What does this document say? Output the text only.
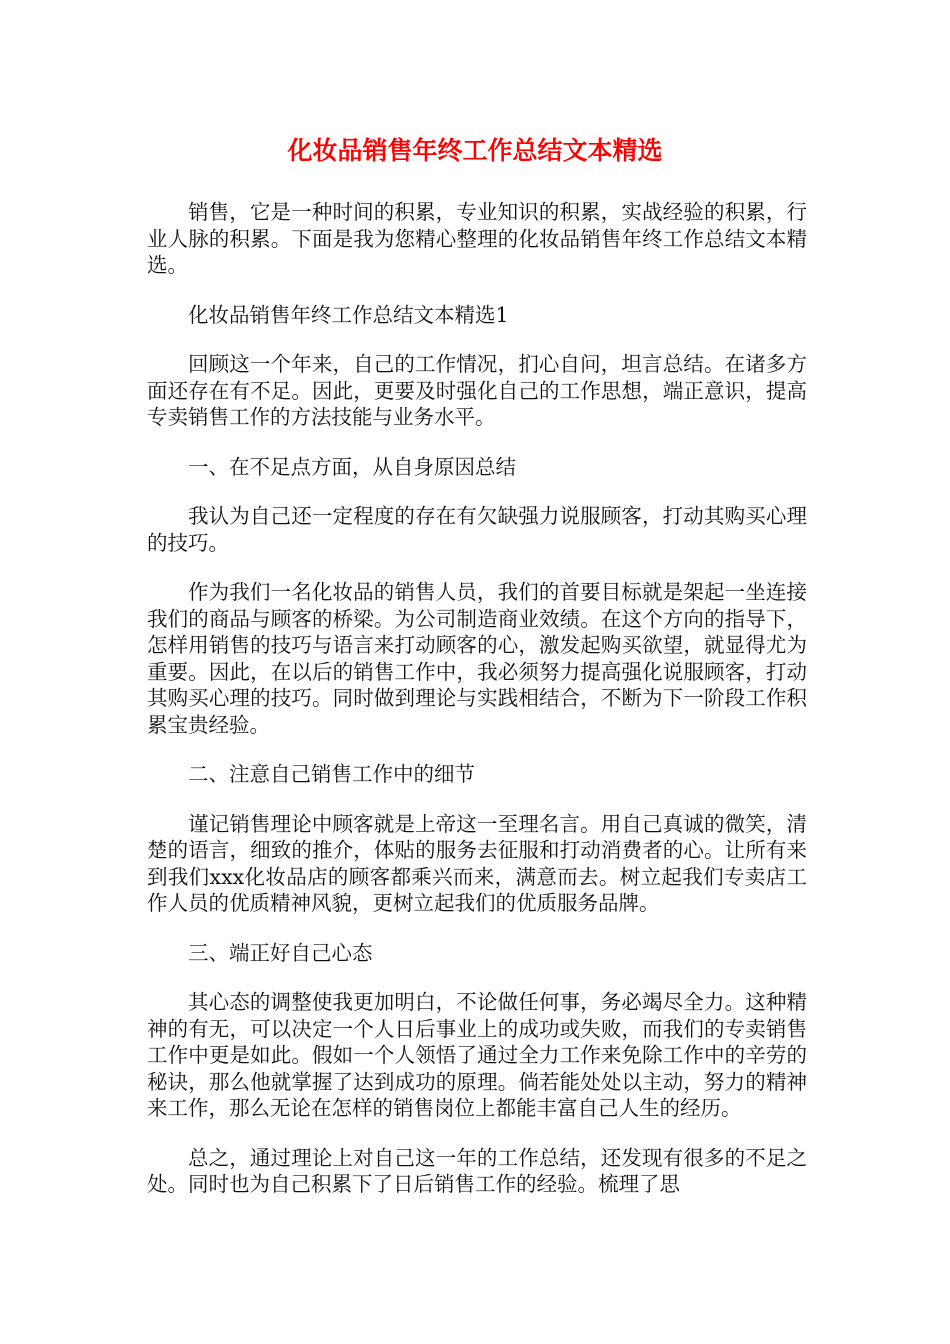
化妆品销售年终工作总结文本精选

销售，它是一种时间的积累，专业知识的积累，实战经验的积累，行业人脉的积累。下面是我为您精心整理的化妆品销售年终工作总结文本精选。

化妆品销售年终工作总结文本精选1

回顾这一个年来，自己的工作情况，扪心自问，坦言总结。在诸多方面还存在有不足。因此，更要及时强化自己的工作思想，端正意识，提高专卖销售工作的方法技能与业务水平。

一、在不足点方面，从自身原因总结

我认为自己还一定程度的存在有欠缺强力说服顾客，打动其购买心理的技巧。

作为我们一名化妆品的销售人员，我们的首要目标就是架起一坐连接我们的商品与顾客的桥梁。为公司制造商业效绩。在这个方向的指导下，怎样用销售的技巧与语言来打动顾客的心，激发起购买欲望，就显得尤为重要。因此，在以后的销售工作中，我必须努力提高强化说服顾客，打动其购买心理的技巧。同时做到理论与实践相结合，不断为下一阶段工作积累宝贵经验。

二、注意自己销售工作中的细节

谨记销售理论中顾客就是上帝这一至理名言。用自己真诚的微笑，清楚的语言，细致的推介，体贴的服务去征服和打动消费者的心。让所有来到我们xxx化妆品店的顾客都乘兴而来，满意而去。树立起我们专卖店工作人员的优质精神风貌，更树立起我们的优质服务品牌。

三、端正好自己心态

其心态的调整使我更加明白，不论做任何事，务必竭尽全力。这种精神的有无，可以决定一个人日后事业上的成功或失败，而我们的专卖销售工作中更是如此。假如一个人领悟了通过全力工作来免除工作中的辛劳的秘诀，那么他就掌握了达到成功的原理。倘若能处处以主动，努力的精神来工作，那么无论在怎样的销售岗位上都能丰富自己人生的经历。

总之，通过理论上对自己这一年的工作总结，还发现有很多的不足之处。同时也为自己积累下了日后销售工作的经验。梳理了思
